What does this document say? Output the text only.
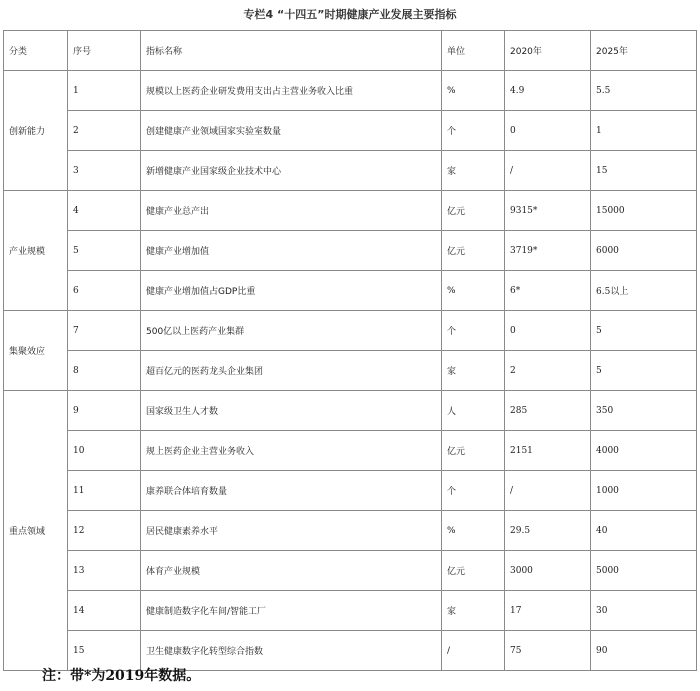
专栏4 “十四五”时期健康产业发展主要指标
分类	序号	指标名称	单位	2020年	2025年
创新能力	1	规模以上医药企业研发费用支出占主营业务收入比重	%	4.9	5.5
	2	创建健康产业领域国家实验室数量	个	0	1
	3	新增健康产业国家级企业技术中心	家	/	15
产业规模	4	健康产业总产出	亿元	9315*	15000
	5	健康产业增加值	亿元	3719*	6000
	6	健康产业增加值占GDP比重	%	6*	6.5以上
集聚效应	7	500亿以上医药产业集群	个	0	5
	8	超百亿元的医药龙头企业集团	家	2	5
重点领域	9	国家级卫生人才数	人	285	350
	10	规上医药企业主营业务收入	亿元	2151	4000
	11	康养联合体培育数量	个	/	1000
	12	居民健康素养水平	%	29.5	40
	13	体育产业规模	亿元	3000	5000
	14	健康制造数字化车间/智能工厂	家	17	30
	15	卫生健康数字化转型综合指数	/	75	90
注：带*为2019年数据。
